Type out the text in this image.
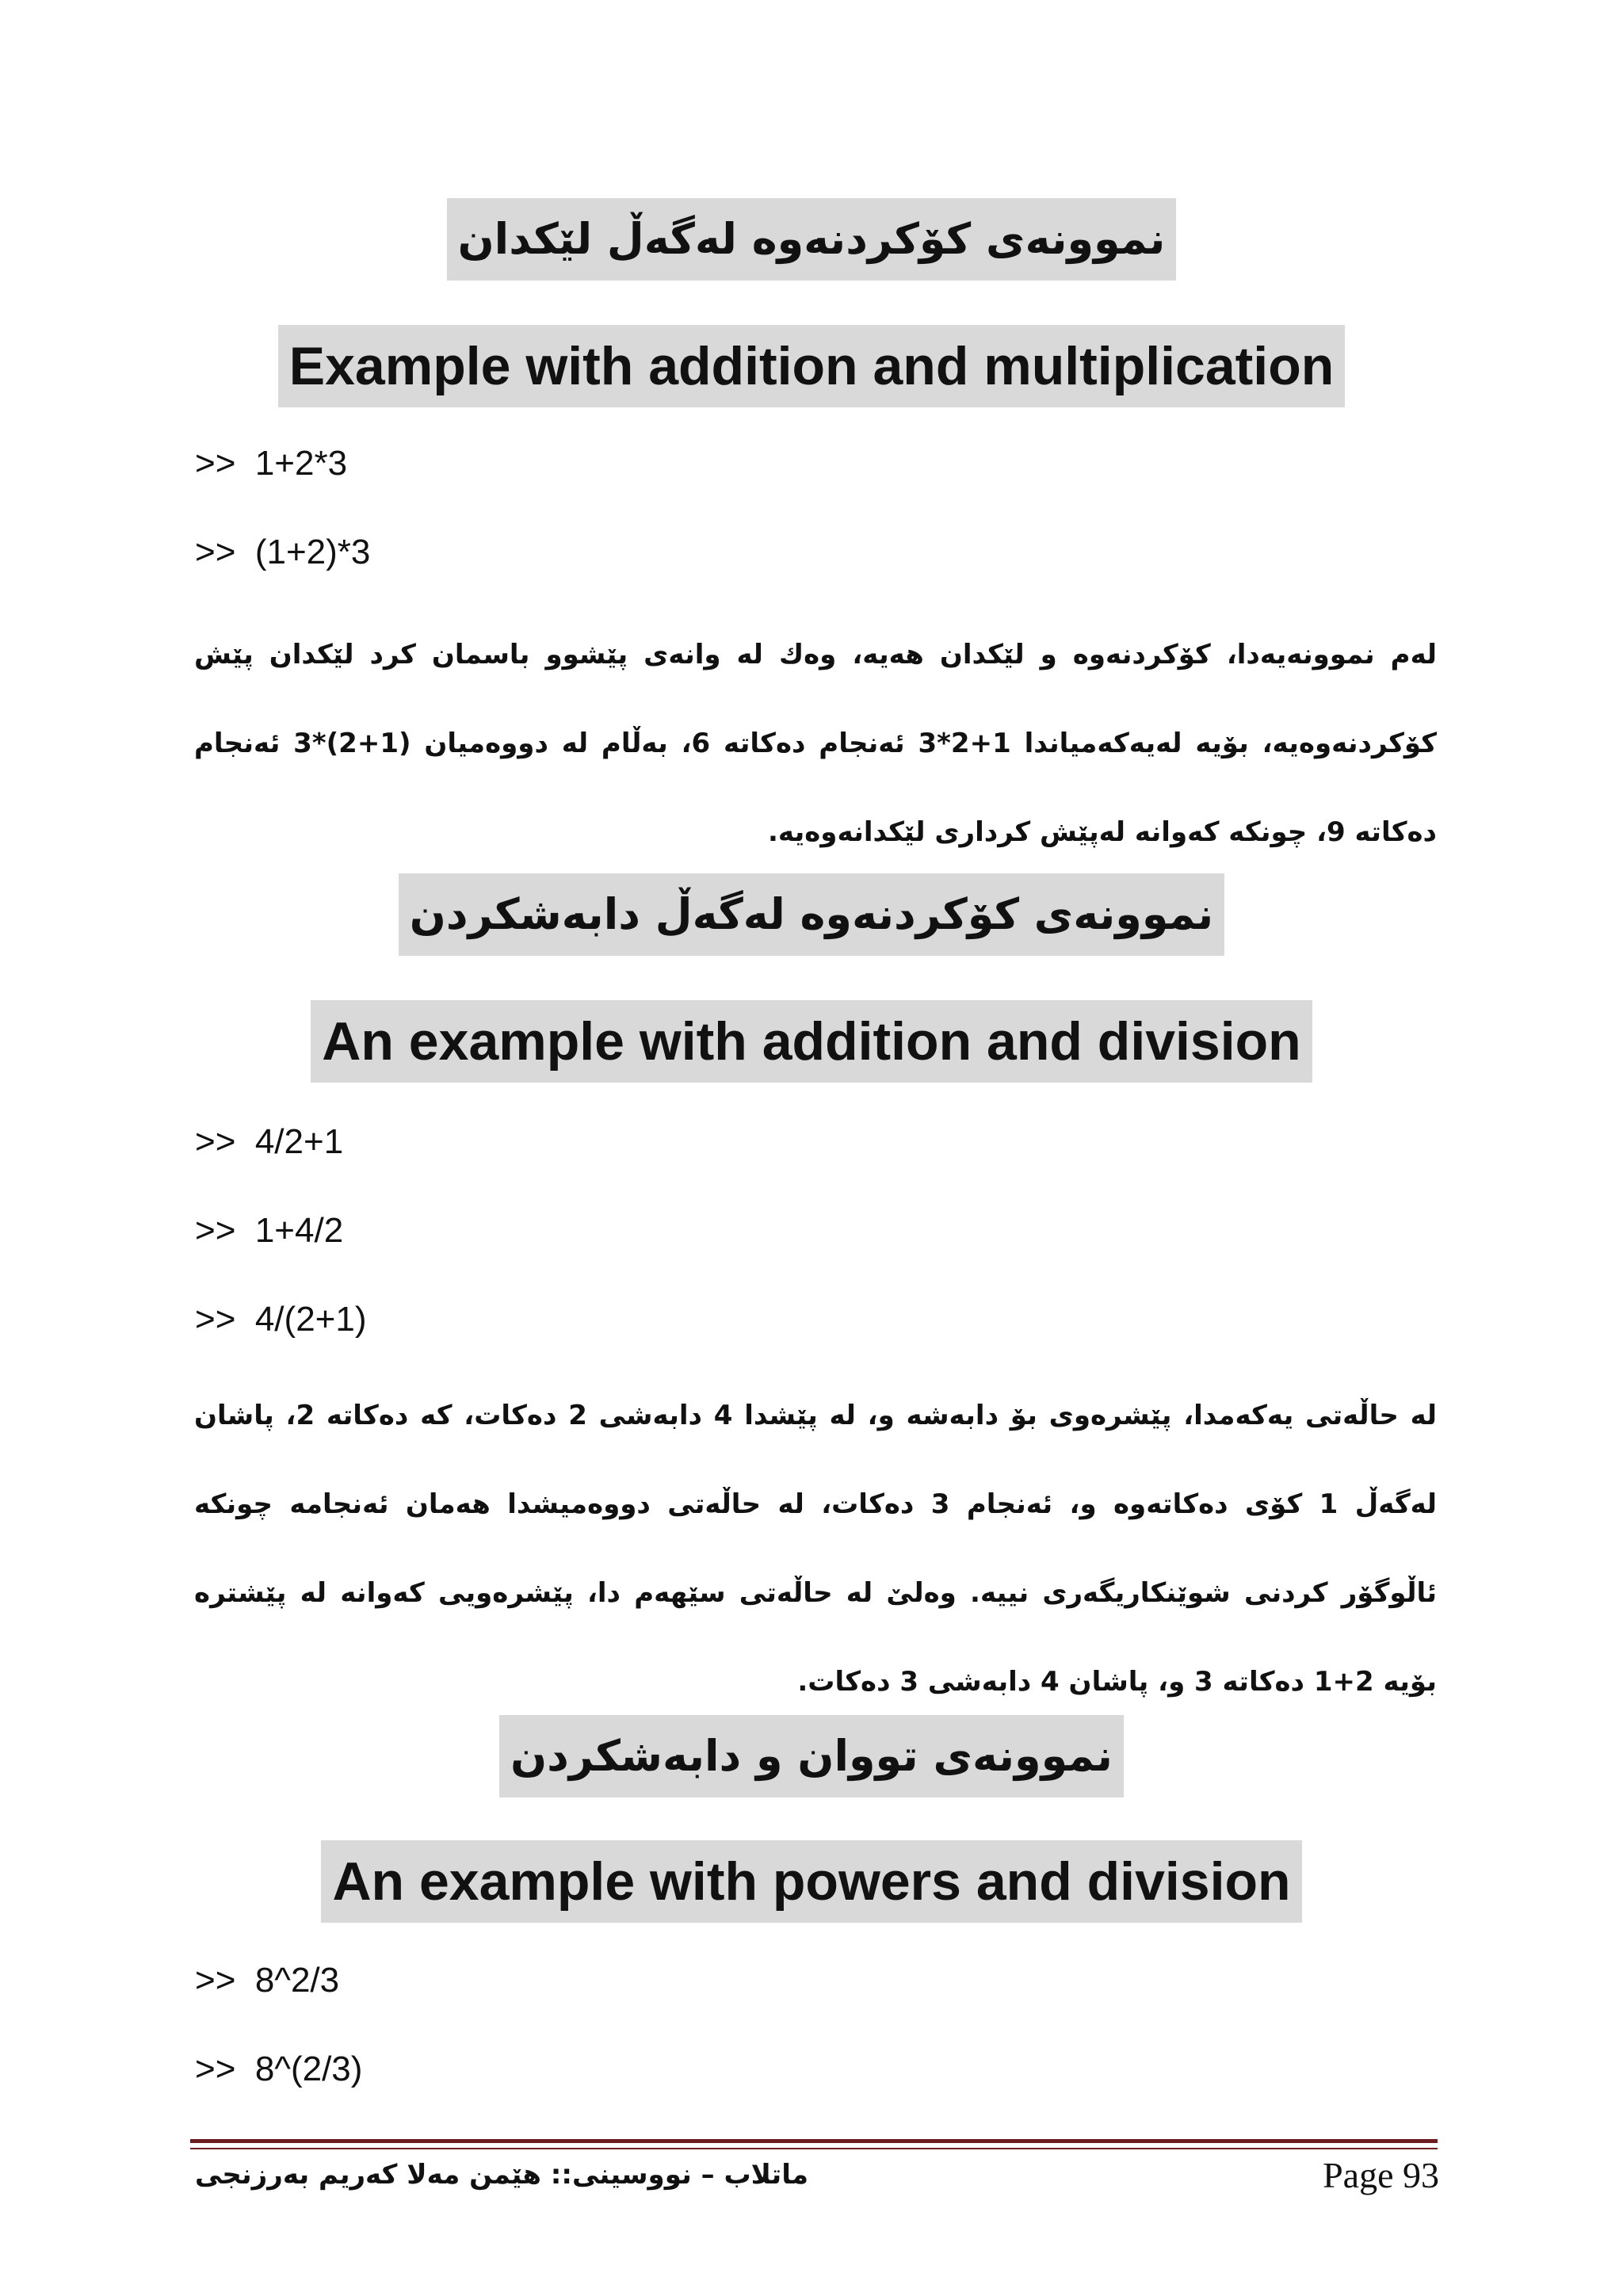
نموونەی کۆکردنەوە لەگەڵ لێکدان
Example with addition and multiplication
>>  1+2*3
>>  (1+2)*3
لەم نموونەیەدا، کۆکردنەوە و لێکدان هەیە، وەك لە وانەی پێشوو باسمان کرد لێکدان پێش کۆکردنەوەیە، بۆیە لەیەکەمیاندا 1+2*3 ئەنجام دەکاتە 6، بەڵام لە دووەمیان (1+2)*3 ئەنجام دەکاتە 9، چونکە کەوانە لەپێش کرداری لێکدانەوەیە.
نموونەی کۆکردنەوە لەگەڵ دابەشکردن
An example with addition and division
>>  4/2+1
>>  1+4/2
>>  4/(2+1)
لە حاڵەتی یەکەمدا، پێشرەوی بۆ دابەشە و، لە پێشدا 4 دابەشی 2 دەکات، کە دەکاتە 2، پاشان لەگەڵ 1 کۆی دەکاتەوە و، ئەنجام 3 دەکات، لە حاڵەتی دووەمیشدا هەمان ئەنجامە چونکە ئاڵوگۆر کردنی شوێنکاریگەری نییە. وەلێ لە حاڵەتی سێهەم دا، پێشرەویی کەوانە لە پێشترە بۆیە 2+1 دەکاتە 3 و، پاشان 4 دابەشی 3 دەکات.
نموونەی تووان و دابەشکردن
An example with powers and division
>>  8^2/3
>>  8^(2/3)
ماتلاب – نووسینی:: هێمن مەلا کەریم بەرزنجی	Page 93
